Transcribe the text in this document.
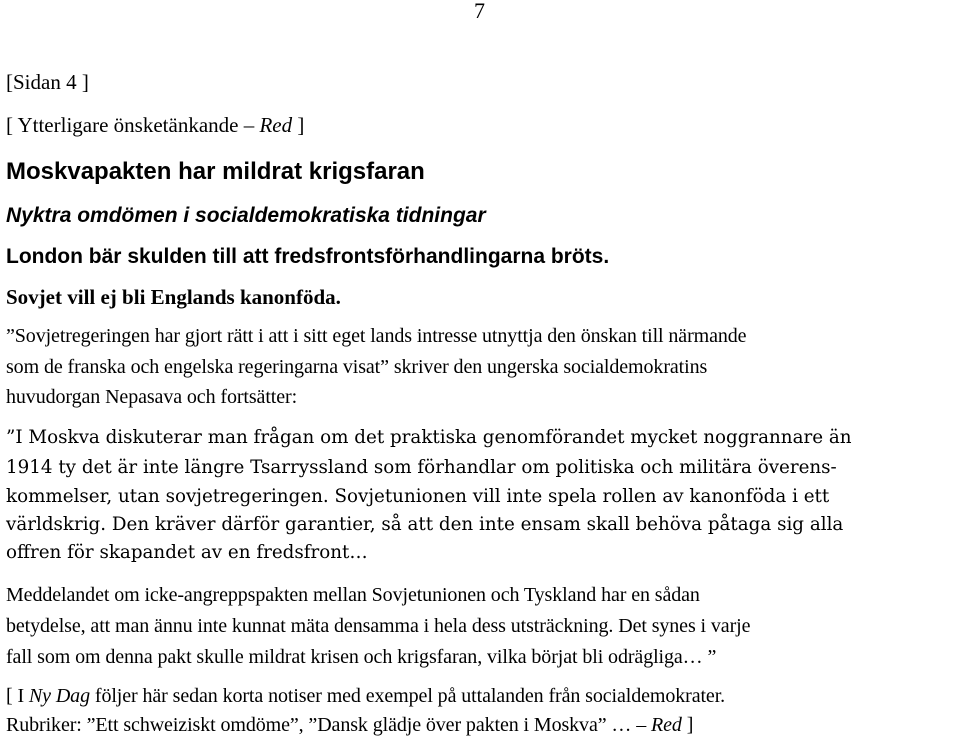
7
[Sidan 4 ]
[ Ytterligare önsketänkande – Red ]
Moskvapakten har mildrat krigsfaran
Nyktra omdömen i socialdemokratiska tidningar
London bär skulden till att fredsfrontsförhandlingarna bröts.
Sovjet vill ej bli Englands kanonföda.
”Sovjetregeringen har gjort rätt i att i sitt eget lands intresse utnyttja den önskan till närmande
som de franska och engelska regeringarna visat” skriver den ungerska socialdemokratins
huvudorgan Nepasava och fortsätter:
”I Moskva diskuterar man frågan om det praktiska genomförandet mycket noggrannare än
1914 ty det är inte längre Tsarryssland som förhandlar om politiska och militära överens-
kommelser, utan sovjetregeringen. Sovjetunionen vill inte spela rollen av kanonföda i ett
världskrig. Den kräver därför garantier, så att den inte ensam skall behöva påtaga sig alla
offren för skapandet av en fredsfront…
Meddelandet om icke-angreppspakten mellan Sovjetunionen och Tyskland har en sådan
betydelse, att man ännu inte kunnat mäta densamma i hela dess utsträckning. Det synes i varje
fall som om denna pakt skulle mildrat krisen och krigsfaran, vilka börjat bli odrägliga… ”
[ I Ny Dag följer här sedan korta notiser med exempel på uttalanden från socialdemokrater.
Rubriker: ”Ett schweiziskt omdöme”, ”Dansk glädje över pakten i Moskva” … – Red ]
